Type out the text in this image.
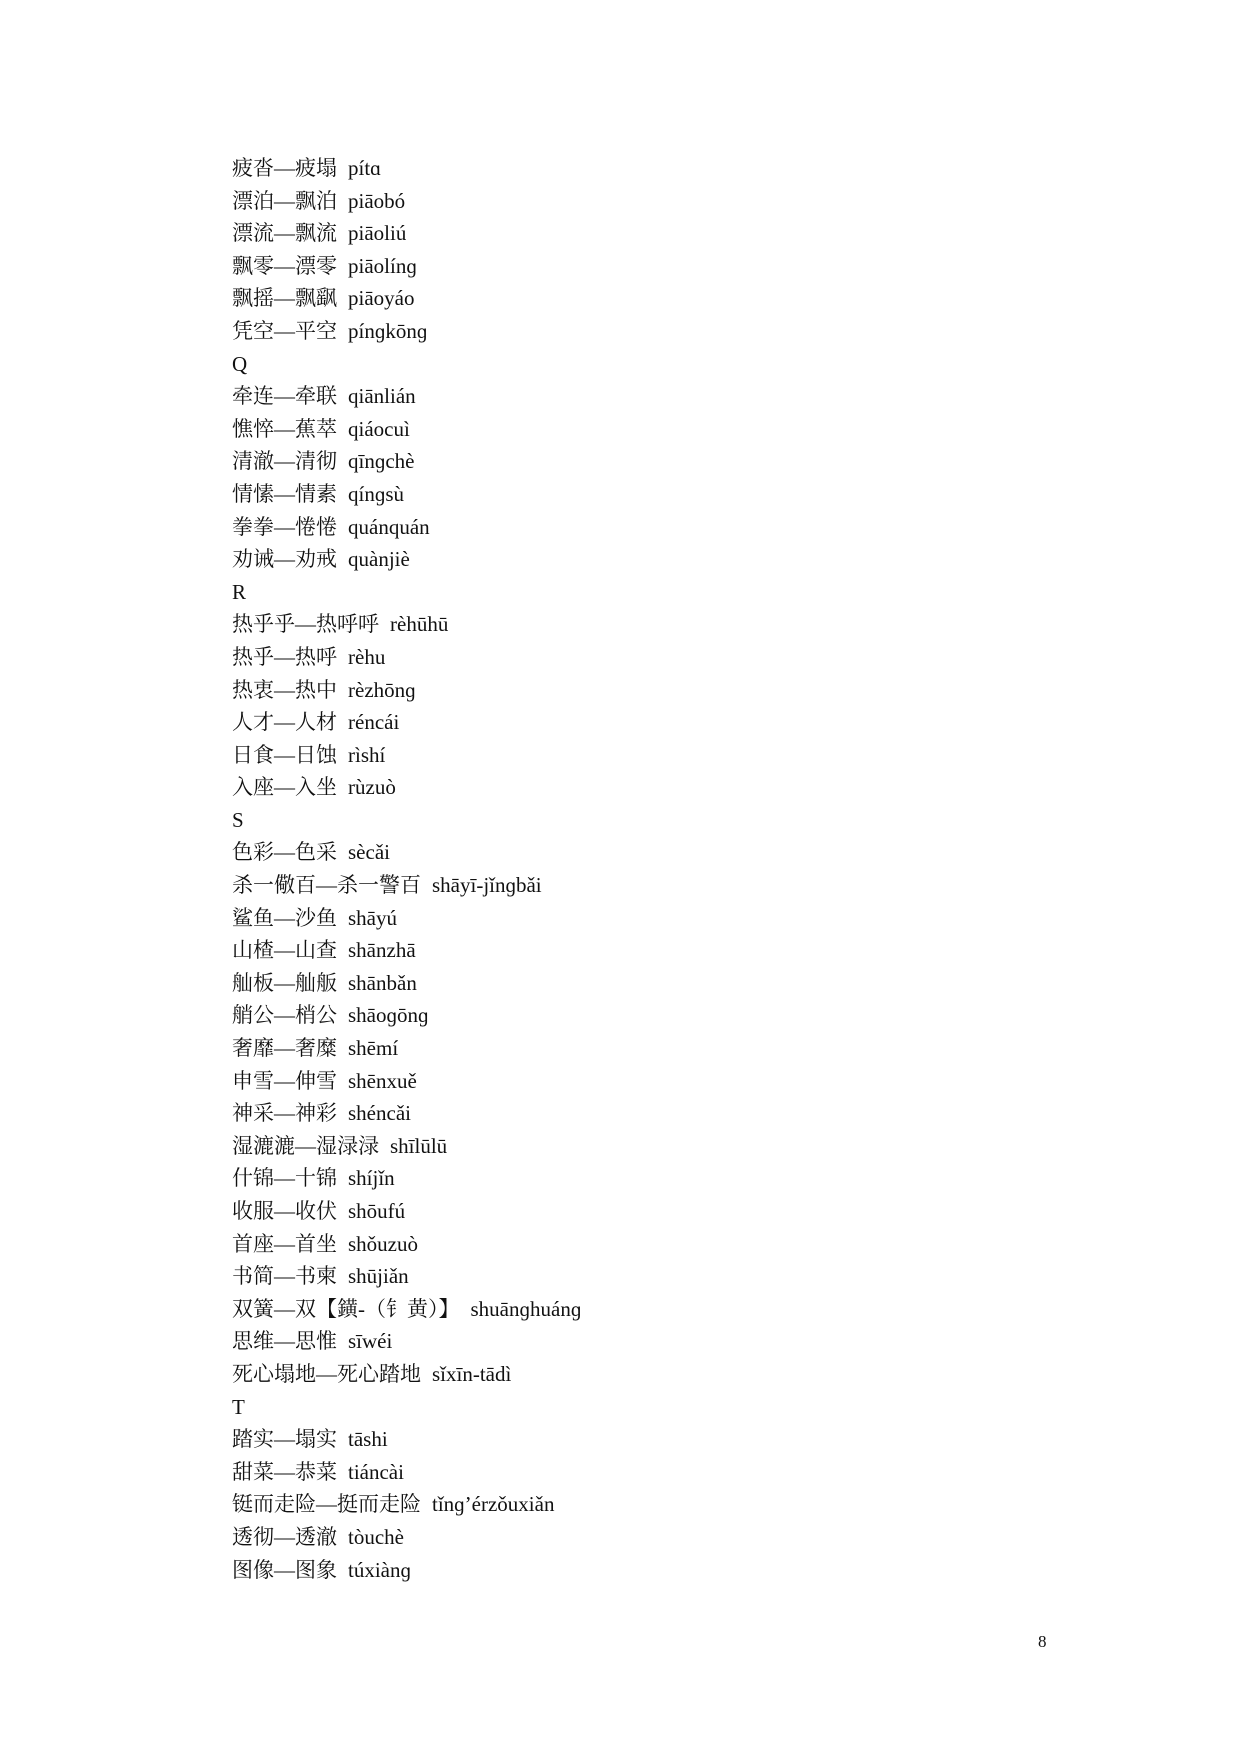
疲沓—疲塌 pítɑ
漂泊—飘泊 piāobó
漂流—飘流 piāoliú
飘零—漂零 piāolínɡ
飘摇—飘飖 piāoyáo
凭空—平空 pínɡkōnɡ
Q
牵连—牵联 qiānlián
憔悴—蕉萃 qiáocuì
清澈—清彻 qīnɡchè
情愫—情素 qínɡsù
拳拳—惓惓 quánquán
劝诫—劝戒 quànjiè
R
热乎乎—热呼呼 rèhūhū
热乎—热呼 rèhu
热衷—热中 rèzhōnɡ
人才—人材 réncái
日食—日蚀 rìshí
入座—入坐 rùzuò
S
色彩—色采 sècǎi
杀一儆百—杀一警百 shāyī-jǐnɡbǎi
鲨鱼—沙鱼 shāyú
山楂—山查 shānzhā
舢板—舢舨 shānbǎn
艄公—梢公 shāoɡōnɡ
奢靡—奢糜 shēmí
申雪—伸雪 shēnxuě
神采—神彩 shéncǎi
湿漉漉—湿渌渌 shīlūlū
什锦—十锦 shíjǐn
收服—收伏 shōufú
首座—首坐 shǒuzuò
书简—书柬 shūjiǎn
双簧—双【鐄-（钅黄）】 shuānɡhuánɡ
思维—思惟 sīwéi
死心塌地—死心踏地 sǐxīn-tādì
T
踏实—塌实 tāshi
甜菜—恭菜 tiáncài
铤而走险—挺而走险 tǐnɡ’érzǒuxiǎn
透彻—透澈 tòuchè
图像—图象 túxiànɡ
8
